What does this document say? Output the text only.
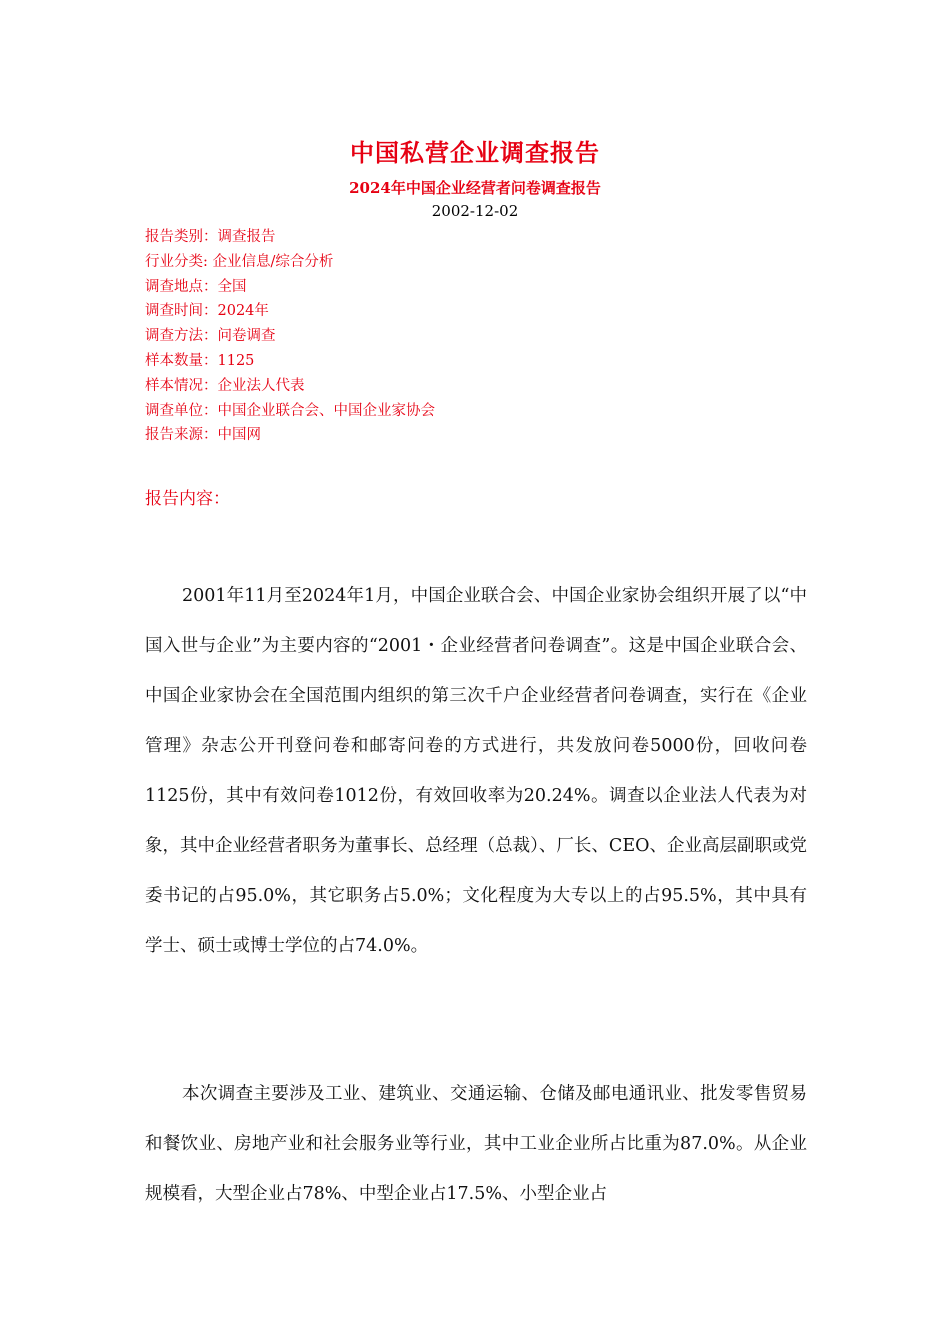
中国私营企业调查报告
2024年中国企业经营者问卷调查报告
2002-12-02
报告类别：调查报告
行业分类: 企业信息/综合分析
调查地点：全国
调查时间：2024年
调查方法：问卷调查
样本数量：1125
样本情况：企业法人代表
调查单位：中国企业联合会、中国企业家协会
报告来源：中国网
报告内容：

2001年11月至2024年1月，中国企业联合会、中国企业家协会组织开展了以“中国入世与企业”为主要内容的“2001・企业经营者问卷调查”。这是中国企业联合会、中国企业家协会在全国范围内组织的第三次千户企业经营者问卷调查，实行在《企业管理》杂志公开刊登问卷和邮寄问卷的方式进行，共发放问卷5000份，回收问卷1125份，其中有效问卷1012份，有效回收率为20.24%。调查以企业法人代表为对象，其中企业经营者职务为董事长、总经理（总裁）、厂长、CEO、企业高层副职或党委书记的占95.0%，其它职务占5.0%；文化程度为大专以上的占95.5%，其中具有学士、硕士或博士学位的占74.0%。

本次调查主要涉及工业、建筑业、交通运输、仓储及邮电通讯业、批发零售贸易和餐饮业、房地产业和社会服务业等行业，其中工业企业所占比重为87.0%。从企业规模看，大型企业占78%、中型企业占17.5%、小型企业占
